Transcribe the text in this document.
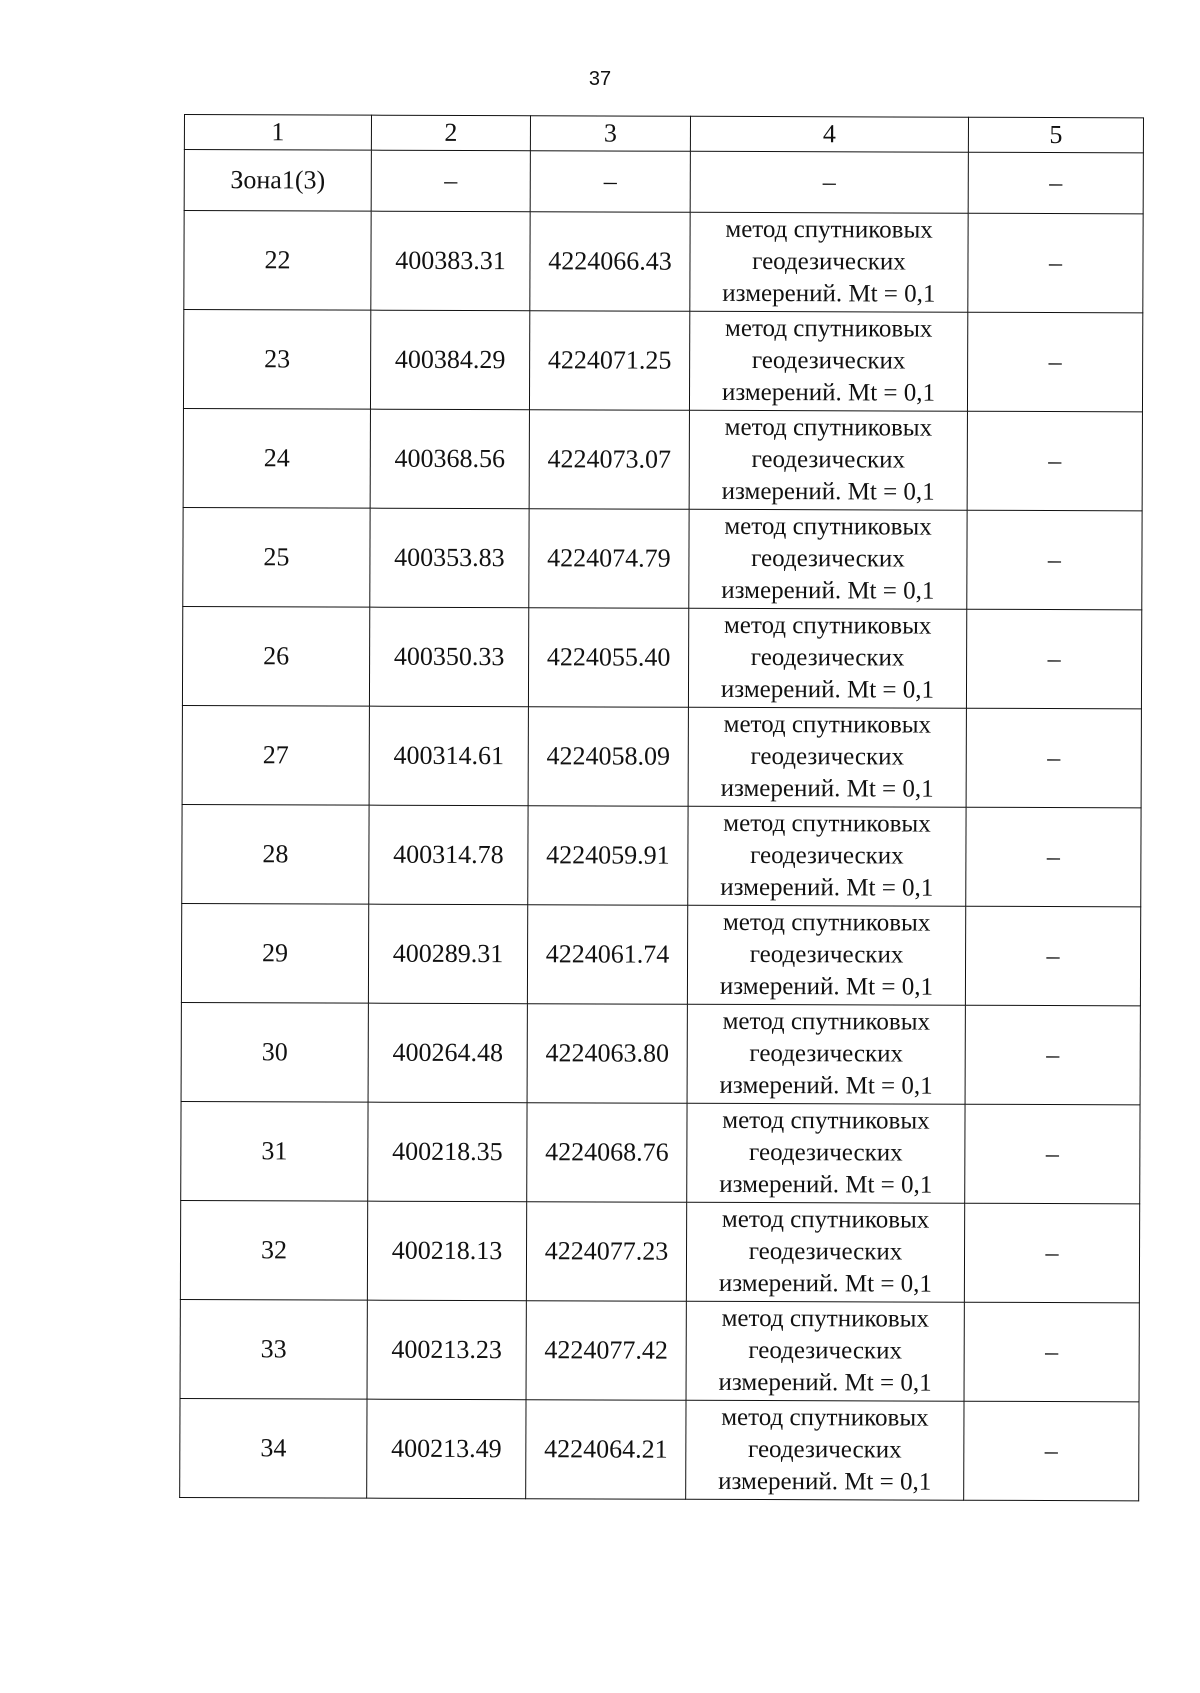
37
1	2	3	4	5
Зона1(3)	–	–	–	–
22	400383.31	4224066.43	метод спутниковых геодезических измерений. Mt = 0,1	–
23	400384.29	4224071.25	метод спутниковых геодезических измерений. Mt = 0,1	–
24	400368.56	4224073.07	метод спутниковых геодезических измерений. Mt = 0,1	–
25	400353.83	4224074.79	метод спутниковых геодезических измерений. Mt = 0,1	–
26	400350.33	4224055.40	метод спутниковых геодезических измерений. Mt = 0,1	–
27	400314.61	4224058.09	метод спутниковых геодезических измерений. Mt = 0,1	–
28	400314.78	4224059.91	метод спутниковых геодезических измерений. Mt = 0,1	–
29	400289.31	4224061.74	метод спутниковых геодезических измерений. Mt = 0,1	–
30	400264.48	4224063.80	метод спутниковых геодезических измерений. Mt = 0,1	–
31	400218.35	4224068.76	метод спутниковых геодезических измерений. Mt = 0,1	–
32	400218.13	4224077.23	метод спутниковых геодезических измерений. Mt = 0,1	–
33	400213.23	4224077.42	метод спутниковых геодезических измерений. Mt = 0,1	–
34	400213.49	4224064.21	метод спутниковых геодезических измерений. Mt = 0,1	–
